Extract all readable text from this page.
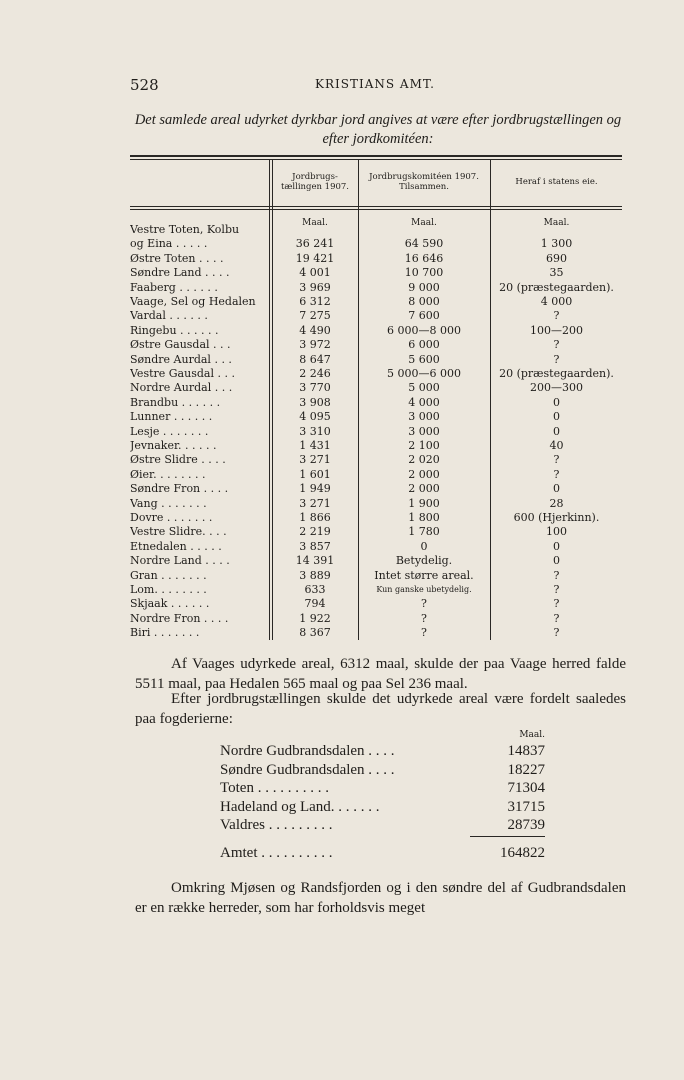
528	KRISTIANS AMT.
Det samlede areal udyrket dyrkbar jord angives at være efter jordbrugstællingen og efter jordkomitéen:
Jordbrugs-tællingen 1907.
Jordbrugskomitéen 1907. Tilsammen.	Heraf i statens eie.
Maal.	Maal.	Maal.
Vestre Toten, Kolbu
og Eina . . . . .	36 241	64 590	1 300
Østre Toten . . . .	19 421	16 646	690
Søndre Land . . . .	4 001	10 700	35
Faaberg . . . . . .	3 969	9 000	20 (præstegaarden).
Vaage, Sel og Hedalen	6 312	8 000	4 000
Vardal . . . . . .	7 275	7 600	?
Ringebu . . . . . .	4 490	6 000—8 000	100—200
Østre Gausdal . . .	3 972	6 000	?
Søndre Aurdal . . .	8 647	5 600	?
Vestre Gausdal . . .	2 246	5 000—6 000	20 (præstegaarden).
Nordre Aurdal . . .	3 770	5 000	200—300
Brandbu . . . . . .	3 908	4 000	0
Lunner . . . . . .	4 095	3 000	0
Lesje . . . . . . .	3 310	3 000	0
Jevnaker. . . . . .	1 431	2 100	40
Østre Slidre . . . .	3 271	2 020	?
Øier. . . . . . . .	1 601	2 000	?
Søndre Fron . . . .	1 949	2 000	0
Vang . . . . . . .	3 271	1 900	28
Dovre . . . . . . .	1 866	1 800	600 (Hjerkinn).
Vestre Slidre. . . .	2 219	1 780	100
Etnedalen . . . . .	3 857	0	0
Nordre Land . . . .	14 391	Betydelig.	0
Gran . . . . . . .	3 889	Intet større areal.	?
Lom. . . . . . . .	633	Kun ganske ubetydelig.	?
Skjaak . . . . . .	794	?	?
Nordre Fron . . . .	1 922	?	?
Biri . . . . . . .	8 367	?	?
Af Vaages udyrkede areal, 6312 maal, skulde der paa Vaage herred falde 5511 maal, paa Hedalen 565 maal og paa Sel 236 maal.
Efter jordbrugstællingen skulde det udyrkede areal være fordelt saaledes paa fogderierne:
Maal.
Nordre Gudbrandsdalen . . . .	14837
Søndre Gudbrandsdalen . . . .	18227
Toten . . . . . . . . . .	71304
Hadeland og Land. . . . . . .	31715
Valdres . . . . . . . . .	28739
Amtet . . . . . . . . . .	164822
Omkring Mjøsen og Randsfjorden og i den søndre del af Gudbrandsdalen er en række herreder, som har forholdsvis meget
